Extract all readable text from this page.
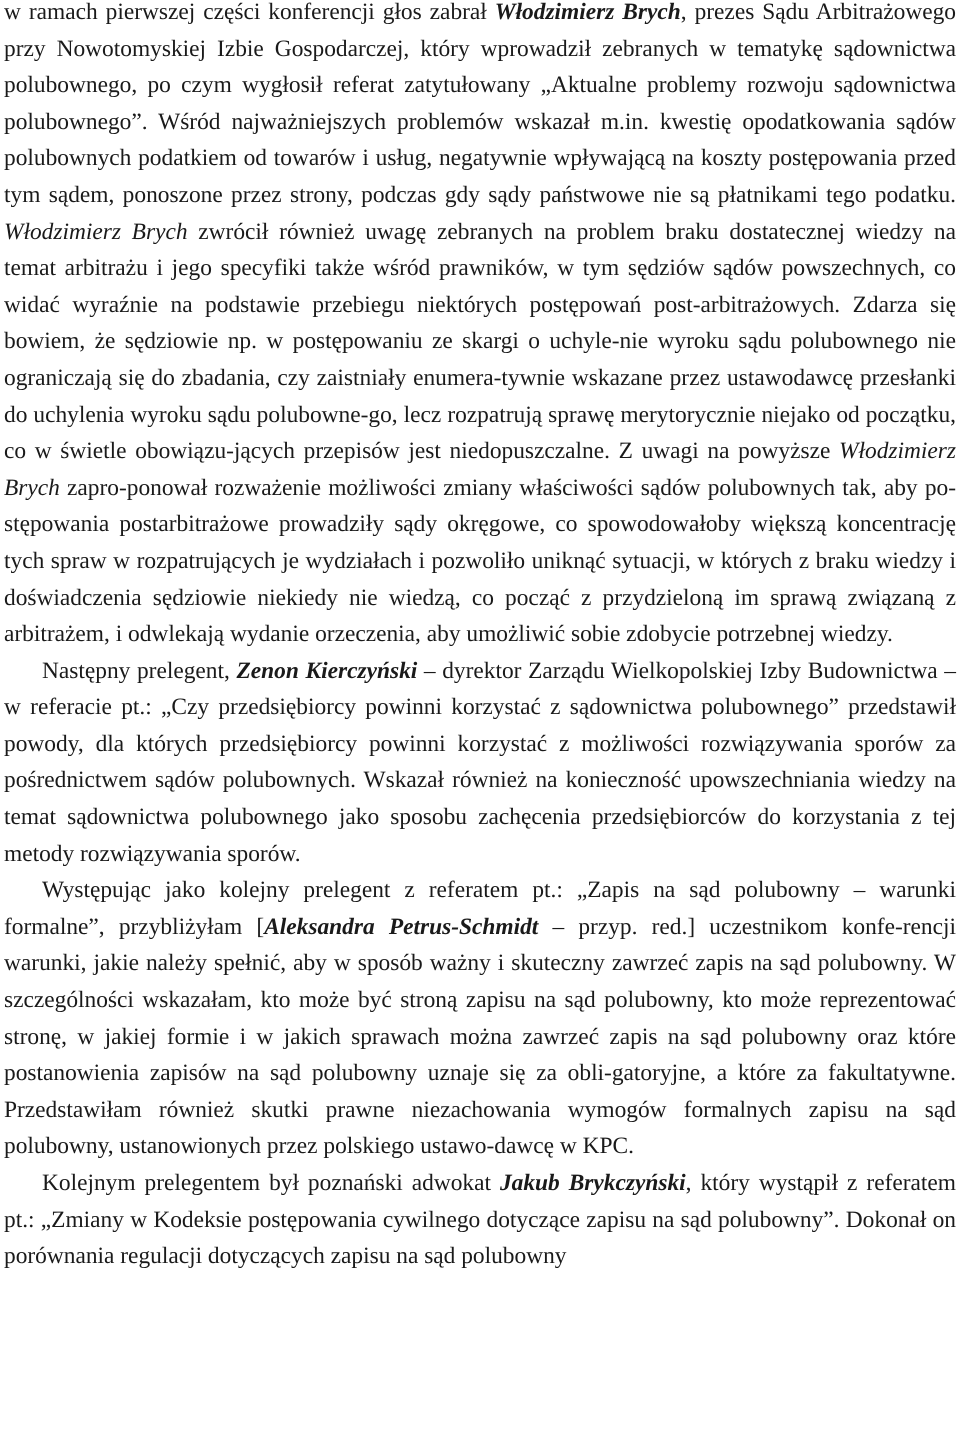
w ramach pierwszej części konferencji głos zabrał Włodzimierz Brych, prezes Sądu Arbitrażowego przy Nowotomyskiej Izbie Gospodarczej, który wprowadził zebranych w tematykę sądownictwa polubownego, po czym wygłosił referat zatytułowany „Aktualne problemy rozwoju sądownictwa polubownego”. Wśród najważniejszych problemów wskazał m.in. kwestię opodatkowania sądów polubownych podatkiem od towarów i usług, negatywnie wpływającą na koszty postępowania przed tym sądem, ponoszone przez strony, podczas gdy sądy państwowe nie są płatnikami tego podatku. Włodzimierz Brych zwrócił również uwagę zebranych na problem braku dostatecznej wiedzy na temat arbitrażu i jego specyfiki także wśród prawników, w tym sędziów sądów powszechnych, co widać wyraźnie na podstawie przebiegu niektórych postępowań post-arbitrażowych. Zdarza się bowiem, że sędziowie np. w postępowaniu ze skargi o uchyle-nie wyroku sądu polubownego nie ograniczają się do zbadania, czy zaistniały enumera-tywnie wskazane przez ustawodawcę przesłanki do uchylenia wyroku sądu polubowne-go, lecz rozpatrują sprawę merytorycznie niejako od początku, co w świetle obowiązu-jących przepisów jest niedopuszczalne. Z uwagi na powyższe Włodzimierz Brych zapro-ponował rozważenie możliwości zmiany właściwości sądów polubownych tak, aby po-stępowania postarbitrażowe prowadziły sądy okręgowe, co spowodowałoby większą koncentrację tych spraw w rozpatrujących je wydziałach i pozwoliło uniknąć sytuacji, w których z braku wiedzy i doświadczenia sędziowie niekiedy nie wiedzą, co począć z przydzieloną im sprawą związaną z arbitrażem, i odwlekają wydanie orzeczenia, aby umożliwić sobie zdobycie potrzebnej wiedzy.

Następny prelegent, Zenon Kierczyński – dyrektor Zarządu Wielkopolskiej Izby Budownictwa – w referacie pt.: „Czy przedsiębiorcy powinni korzystać z sądownictwa polubownego” przedstawił powody, dla których przedsiębiorcy powinni korzystać z możliwości rozwiązywania sporów za pośrednictwem sądów polubownych. Wskazał również na konieczność upowszechniania wiedzy na temat sądownictwa polubownego jako sposobu zachęcenia przedsiębiorców do korzystania z tej metody rozwiązywania sporów.

Występując jako kolejny prelegent z referatem pt.: „Zapis na sąd polubowny – warunki formalne”, przybliżyłam [Aleksandra Petrus-Schmidt – przyp. red.] uczestnikom konfe-rencji warunki, jakie należy spełnić, aby w sposób ważny i skuteczny zawrzeć zapis na sąd polubowny. W szczególności wskazałam, kto może być stroną zapisu na sąd polubowny, kto może reprezentować stronę, w jakiej formie i w jakich sprawach można zawrzeć zapis na sąd polubowny oraz które postanowienia zapisów na sąd polubowny uznaje się za obli-gatoryjne, a które za fakultatywne. Przedstawiłam również skutki prawne niezachowania wymogów formalnych zapisu na sąd polubowny, ustanowionych przez polskiego ustawo-dawcę w KPC.

Kolejnym prelegentem był poznański adwokat Jakub Brykczyński, który wystąpił z referatem pt.: „Zmiany w Kodeksie postępowania cywilnego dotyczące zapisu na sąd polubowny”. Dokonał on porównania regulacji dotyczących zapisu na sąd polubowny
